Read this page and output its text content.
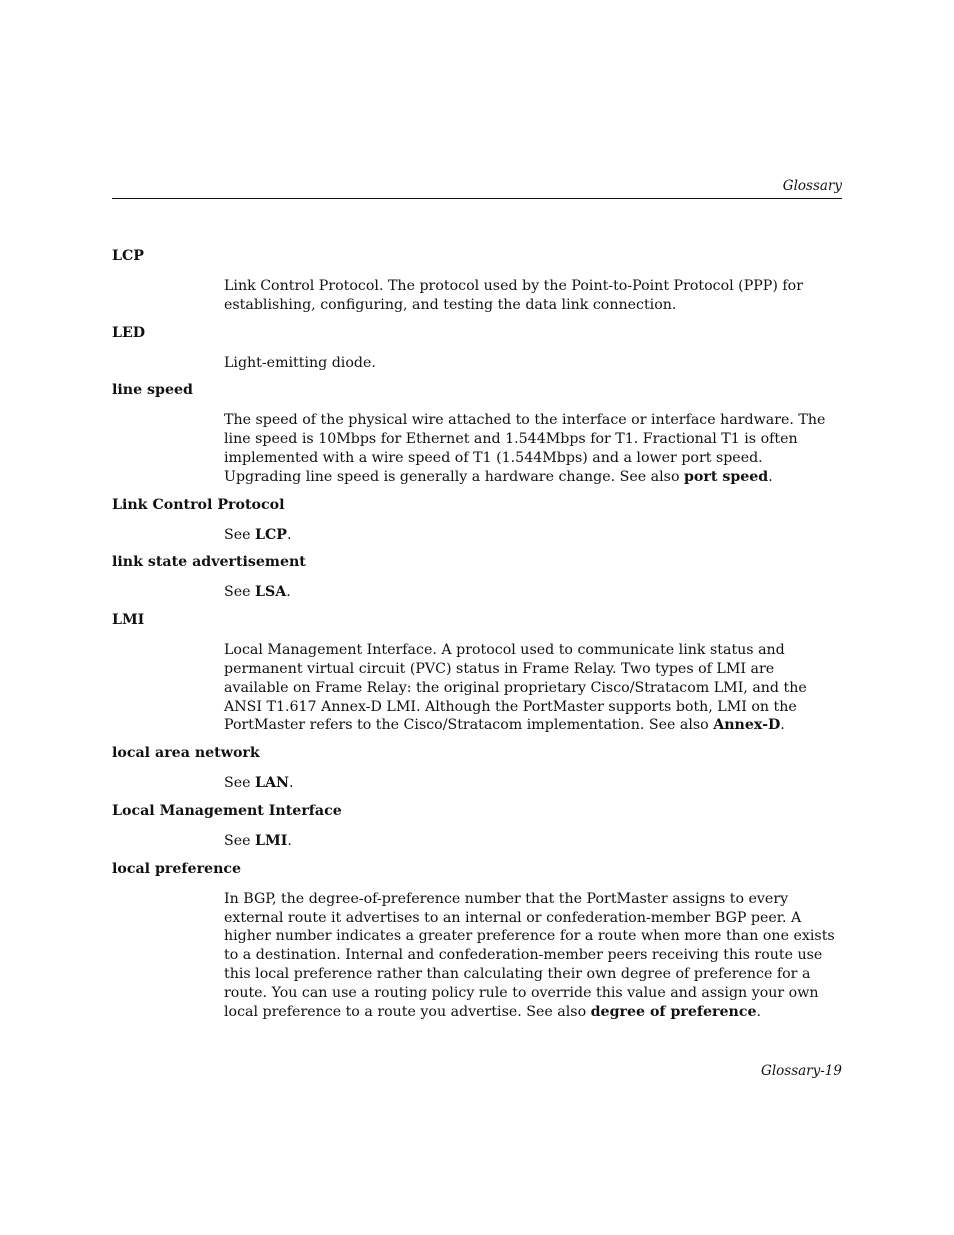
Glossary
LCP

Link Control Protocol. The protocol used by the Point-to-Point Protocol (PPP) for establishing, configuring, and testing the data link connection.

LED

Light-emitting diode.

line speed

The speed of the physical wire attached to the interface or interface hardware. The line speed is 10Mbps for Ethernet and 1.544Mbps for T1. Fractional T1 is often implemented with a wire speed of T1 (1.544Mbps) and a lower port speed. Upgrading line speed is generally a hardware change. See also port speed.

Link Control Protocol

See LCP.

link state advertisement

See LSA.

LMI

Local Management Interface. A protocol used to communicate link status and permanent virtual circuit (PVC) status in Frame Relay. Two types of LMI are available on Frame Relay: the original proprietary Cisco/Stratacom LMI, and the ANSI T1.617 Annex-D LMI. Although the PortMaster supports both, LMI on the PortMaster refers to the Cisco/Stratacom implementation. See also Annex-D.

local area network

See LAN.

Local Management Interface

See LMI.

local preference

In BGP, the degree-of-preference number that the PortMaster assigns to every external route it advertises to an internal or confederation-member BGP peer. A higher number indicates a greater preference for a route when more than one exists to a destination. Internal and confederation-member peers receiving this route use this local preference rather than calculating their own degree of preference for a route. You can use a routing policy rule to override this value and assign your own local preference to a route you advertise. See also degree of preference.

Glossary-19
